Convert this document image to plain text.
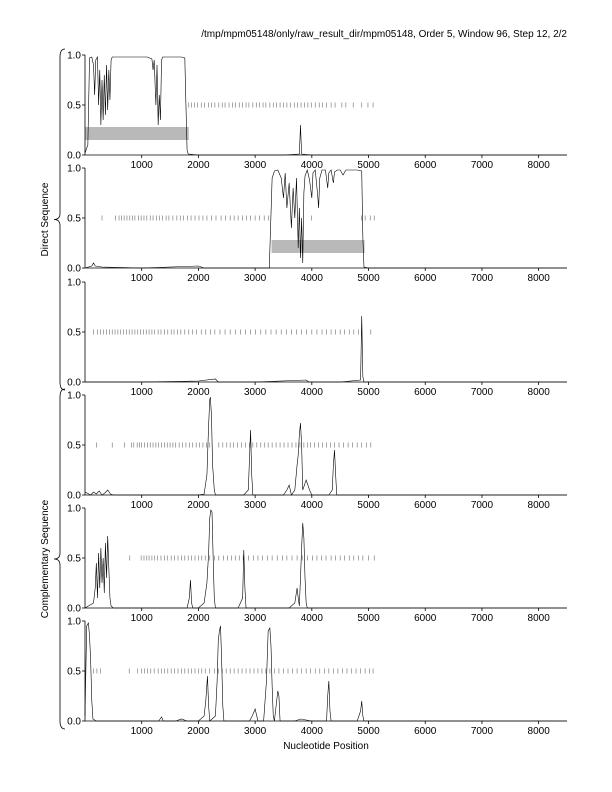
/tmp/mpm05148/only/raw_result_dir/mpm05148, Order 5, Window 96, Step 12, 2/2
0.0
0.5
1.0
1000	2000	3000	4000	5000	6000	7000	8000
0.0
0.5
1.0
1000	2000	3000	4000	5000	6000	7000	8000
0.0
0.5
1.0
1000	2000	3000	4000	5000	6000	7000	8000
0.0
0.5
1.0
1000	2000	3000	4000	5000	6000	7000	8000
0.0
0.5
1.0
1000	2000	3000	4000	5000	6000	7000	8000
0.0
0.5
1.0
1000	2000	3000	4000	5000	6000	7000	8000
Direct Sequence
Complementary Sequence
Nucleotide Position
